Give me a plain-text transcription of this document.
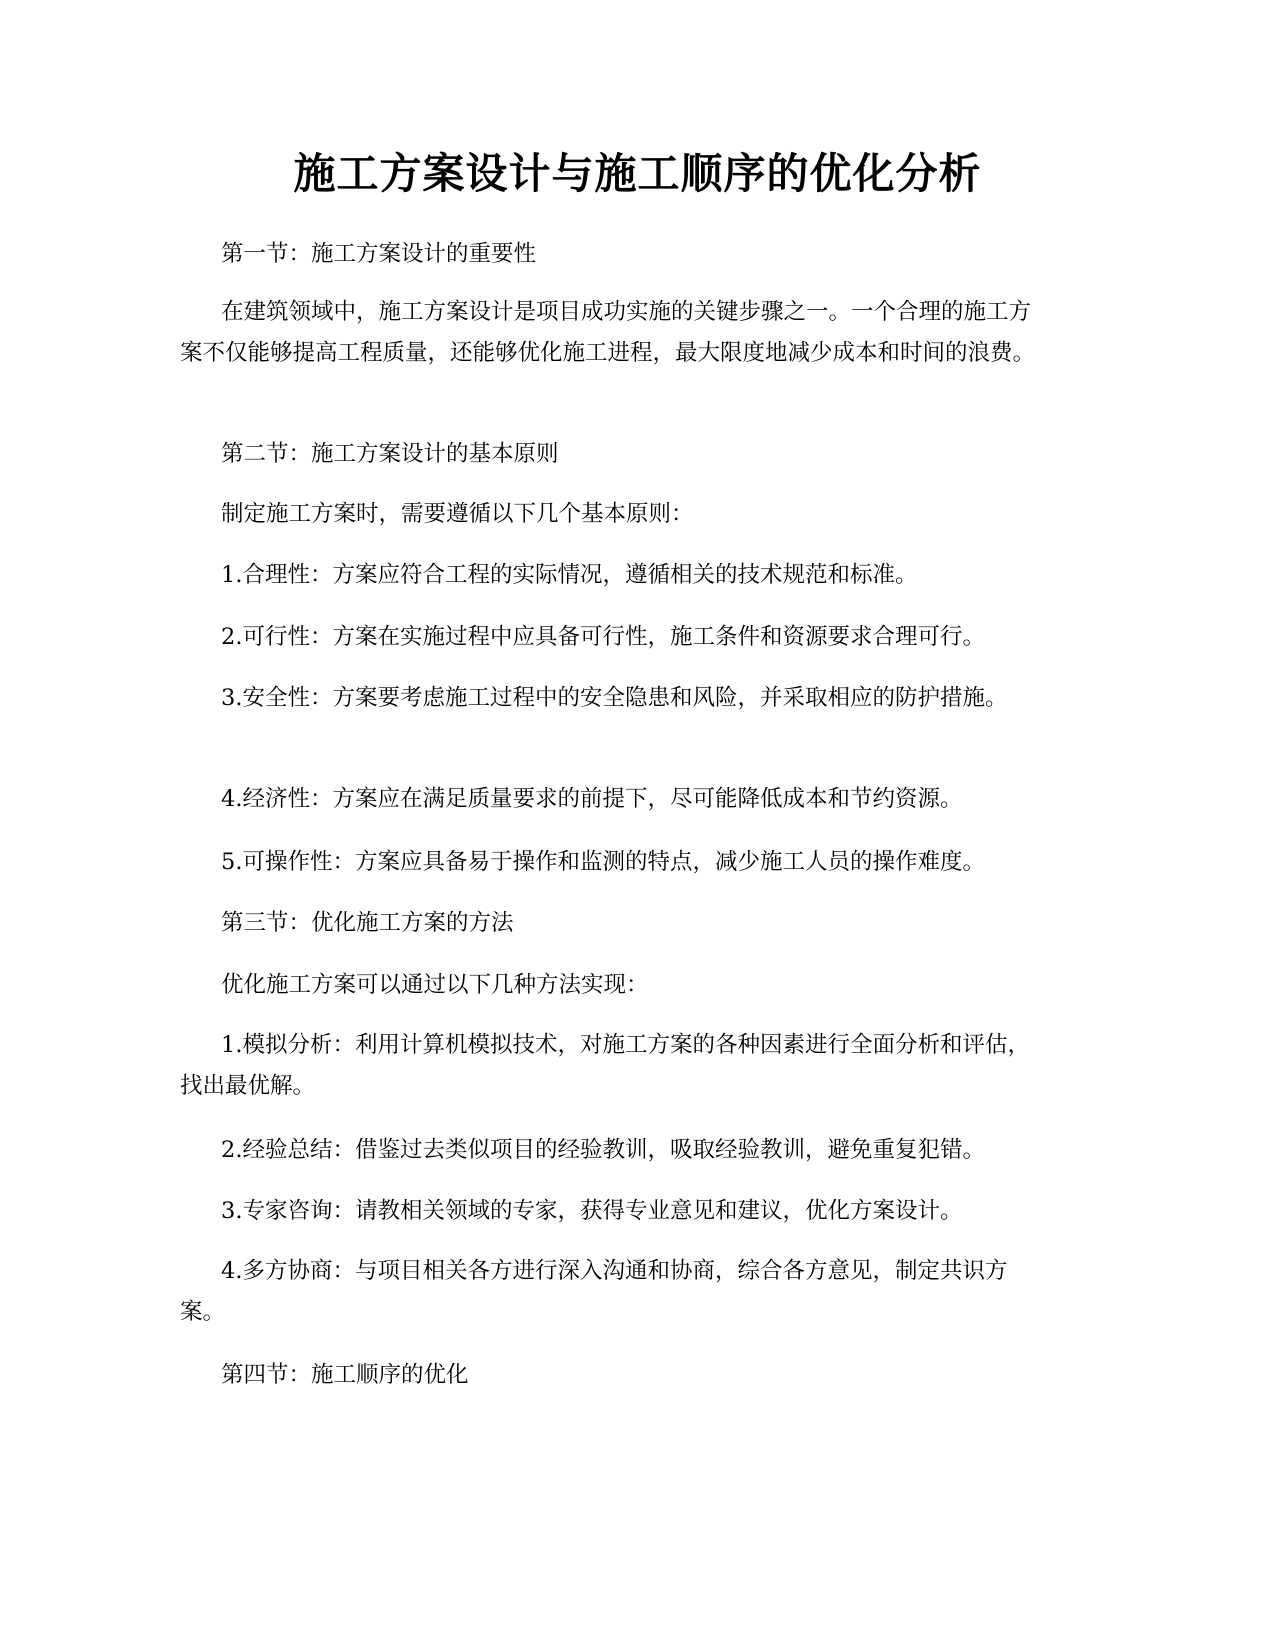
施工方案设计与施工顺序的优化分析

第一节：施工方案设计的重要性

在建筑领域中，施工方案设计是项目成功实施的关键步骤之一。一个合理的施工方案不仅能够提高工程质量，还能够优化施工进程，最大限度地减少成本和时间的浪费。

第二节：施工方案设计的基本原则

制定施工方案时，需要遵循以下几个基本原则：

1.合理性：方案应符合工程的实际情况，遵循相关的技术规范和标准。

2.可行性：方案在实施过程中应具备可行性，施工条件和资源要求合理可行。

3.安全性：方案要考虑施工过程中的安全隐患和风险，并采取相应的防护措施。

4.经济性：方案应在满足质量要求的前提下，尽可能降低成本和节约资源。

5.可操作性：方案应具备易于操作和监测的特点，减少施工人员的操作难度。

第三节：优化施工方案的方法

优化施工方案可以通过以下几种方法实现：

1.模拟分析：利用计算机模拟技术，对施工方案的各种因素进行全面分析和评估，找出最优解。

2.经验总结：借鉴过去类似项目的经验教训，吸取经验教训，避免重复犯错。

3.专家咨询：请教相关领域的专家，获得专业意见和建议，优化方案设计。

4.多方协商：与项目相关各方进行深入沟通和协商，综合各方意见，制定共识方案。

第四节：施工顺序的优化
